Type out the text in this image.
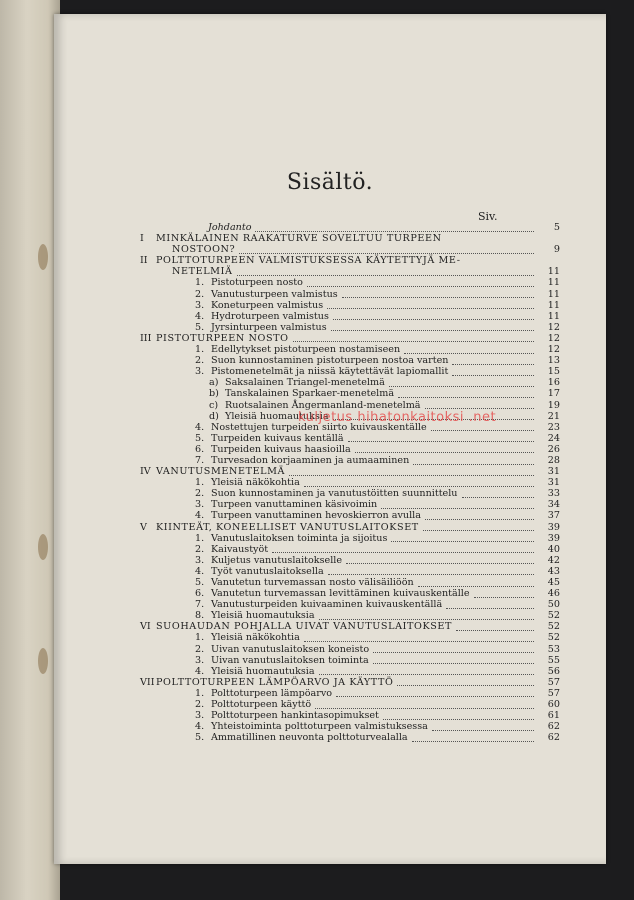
Sisältö.
Siv.
Johdanto	5
I	MINKÄLAINEN RAAKATURVE SOVELTUU TURPEEN
NOSTOON?	9
II POLTTOTURPEEN VALMISTUKSESSA KÄYTETTYJÄ ME-
NETELMIÄ	11
1. Pistoturpeen nosto	11
2. Vanutusturpeen valmistus	11
3. Koneturpeen valmistus	11
4. Hydroturpeen valmistus	11
5. Jyrsinturpeen valmistus	12
III PISTOTURPEEN NOSTO	12
1. Edellytykset pistoturpeen nostamiseen	12
2. Suon kunnostaminen pistoturpeen nostoa varten	13
3. Pistomenetelmät ja niissä käytettävät lapiomallit	15
a) Saksalainen Triangel-menetelmä	16
b) Tanskalainen Sparkaer-menetelmä	17
c) Ruotsalainen Ångermanland-menetelmä	19
d) Yleisiä huomautuksia	21
4. Nostettujen turpeiden siirto kuivauskentälle	23
5. Turpeiden kuivaus kentällä	24
6. Turpeiden kuivaus haasioilla	26
7. Turvesadon korjaaminen ja aumaaminen	28
IV VANUTUSMENETELMÄ	31
1. Yleisiä näkökohtia	31
2. Suon kunnostaminen ja vanutustöitten suunnittelu	33
3. Turpeen vanuttaminen käsivoimin	34
4. Turpeen vanuttaminen hevoskierron avulla	37
V KIINTEÄT, KONEELLISET VANUTUSLAITOKSET	39
1. Vanutuslaitoksen toiminta ja sijoitus	39
2. Kaivaustyöt	40
3. Kuljetus vanutuslaitokselle	42
4. Työt vanutuslaitoksella	43
5. Vanutetun turvemassan nosto välisäiliöön	45
6. Vanutetun turvemassan levittäminen kuivauskentälle	46
7. Vanutusturpeiden kuivaaminen kuivauskentällä	50
8. Yleisiä huomautuksia	52
VI SUOHAUDAN POHJALLA UIVAT VANUTUSLAITOKSET	52
1. Yleisiä näkökohtia	52
2. Uivan vanutuslaitoksen koneisto	53
3. Uivan vanutuslaitoksen toiminta	55
4. Yleisiä huomautuksia	56
VII POLTTOTURPEEN LÄMPÖARVO JA KÄYTTÖ	57
1. Polttoturpeen lämpöarvo	57
2. Polttoturpeen käyttö	60
3. Polttoturpeen hankintasopimukset	61
4. Yhteistoiminta polttoturpeen valmistuksessa	62
5. Ammatillinen neuvonta polttoturvealalla	62
kuljetus hihatonkaitoksi .net
